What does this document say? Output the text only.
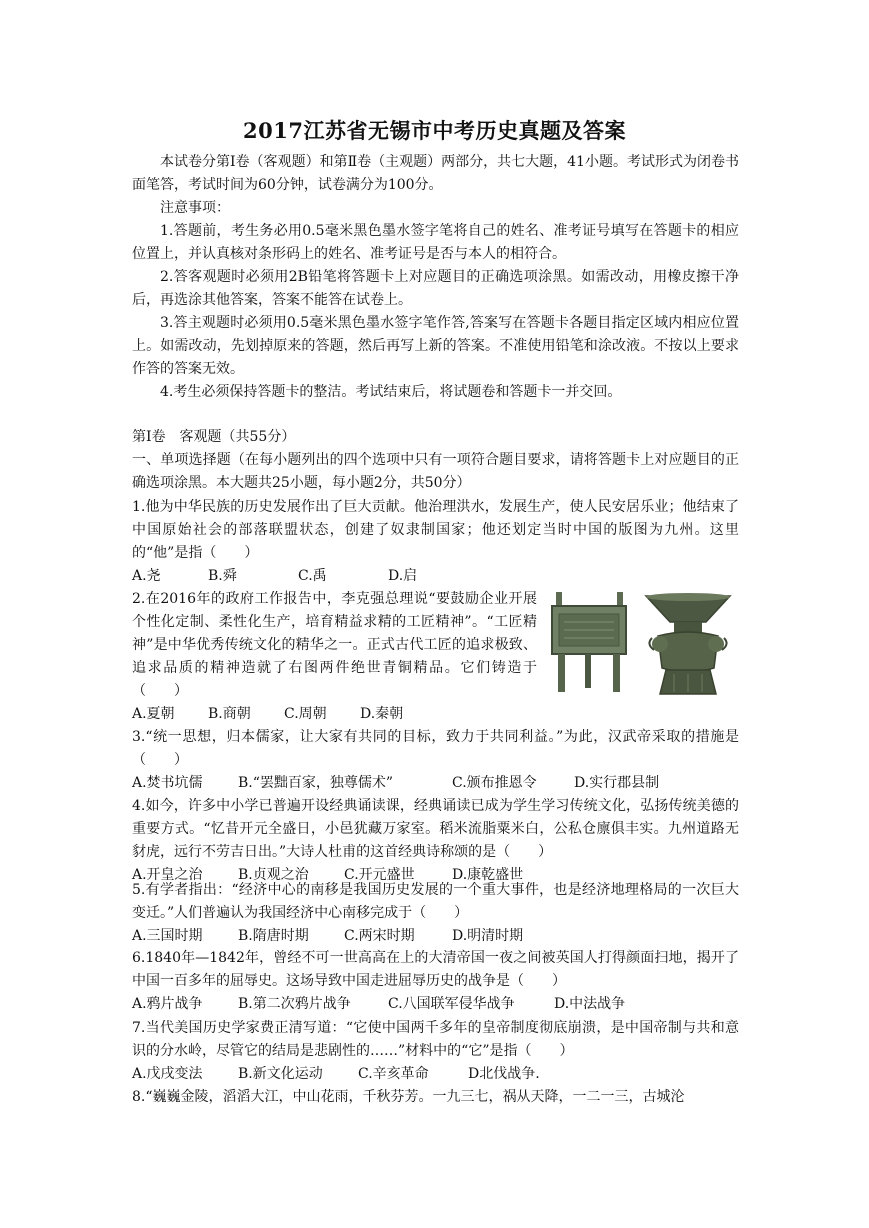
2017江苏省无锡市中考历史真题及答案

本试卷分第Ⅰ卷（客观题）和第Ⅱ卷（主观题）两部分，共七大题，41小题。考试形式为闭卷书面笔答，考试时间为60分钟，试卷满分为100分。

注意事项：

1.答题前，考生务必用0.5毫米黑色墨水签字笔将自己的姓名、准考证号填写在答题卡的相应位置上，并认真核对条形码上的姓名、准考证号是否与本人的相符合。

2.答客观题时必须用2B铅笔将答题卡上对应题目的正确选项涂黑。如需改动，用橡皮擦干净后，再选涂其他答案，答案不能答在试卷上。

3.答主观题时必须用0.5毫米黑色墨水签字笔作答,答案写在答题卡各题目指定区域内相应位置上。如需改动，先划掉原来的答题，然后再写上新的答案。不准使用铅笔和涂改液。不按以上要求作答的答案无效。

4.考生必须保持答题卡的整洁。考试结束后，将试题卷和答题卡一并交回。

第Ⅰ卷　客观题（共55分）

一、单项选择题（在每小题列出的四个选项中只有一项符合题目要求，请将答题卡上对应题目的正确选项涂黑。本大题共25小题，每小题2分，共50分）

1.他为中华民族的历史发展作出了巨大贡献。他治理洪水，发展生产，使人民安居乐业；他结束了中国原始社会的部落联盟状态，创建了奴隶制国家；他还划定当时中国的版图为九州。这里的“他”是指（　　）

A.尧	B.舜	C.禹	D.启

2.在2016年的政府工作报告中，李克强总理说“要鼓励企业开展个性化定制、柔性化生产，培育精益求精的工匠精神”。“工匠精神”是中华优秀传统文化的精华之一。正式古代工匠的追求极致、追求品质的精神造就了右图两件绝世青铜精品。它们铸造于（　　）

A.夏朝	B.商朝	C.周朝	D.秦朝

3.“统一思想，归本儒家，让大家有共同的目标，致力于共同利益。”为此，汉武帝采取的措施是（　　）

A.焚书坑儒	B.“罢黜百家，独尊儒术”	C.颁布推恩令	D.实行郡县制

4.如今，许多中小学已普遍开设经典诵读课，经典诵读已成为学生学习传统文化，弘扬传统美德的重要方式。“忆昔开元全盛日，小邑犹藏万家室。稻米流脂粟米白，公私仓廪俱丰实。九州道路无豺虎，远行不劳吉日出。”大诗人杜甫的这首经典诗称颂的是（　　）

A.开皇之治	B.贞观之治	C.开元盛世	D.康乾盛世

5.有学者指出：“经济中心的南移是我国历史发展的一个重大事件，也是经济地理格局的一次巨大变迁。”人们普遍认为我国经济中心南移完成于（　　）

A.三国时期	B.隋唐时期	C.两宋时期	D.明清时期

6.1840年—1842年，曾经不可一世高高在上的大清帝国一夜之间被英国人打得颜面扫地，揭开了中国一百多年的屈辱史。这场导致中国走进屈辱历史的战争是（　　）

A.鸦片战争	B.第二次鸦片战争	C.八国联军侵华战争	D.中法战争

7.当代美国历史学家费正清写道：“它使中国两千多年的皇帝制度彻底崩溃，是中国帝制与共和意识的分水岭，尽管它的结局是悲剧性的……”材料中的“它”是指（　　）

A.戊戌变法	B.新文化运动	C.辛亥革命	D北伐战争.

8.“巍巍金陵，滔滔大江，中山花雨，千秋芬芳。一九三七，祸从天降，一二一三，古城沦
